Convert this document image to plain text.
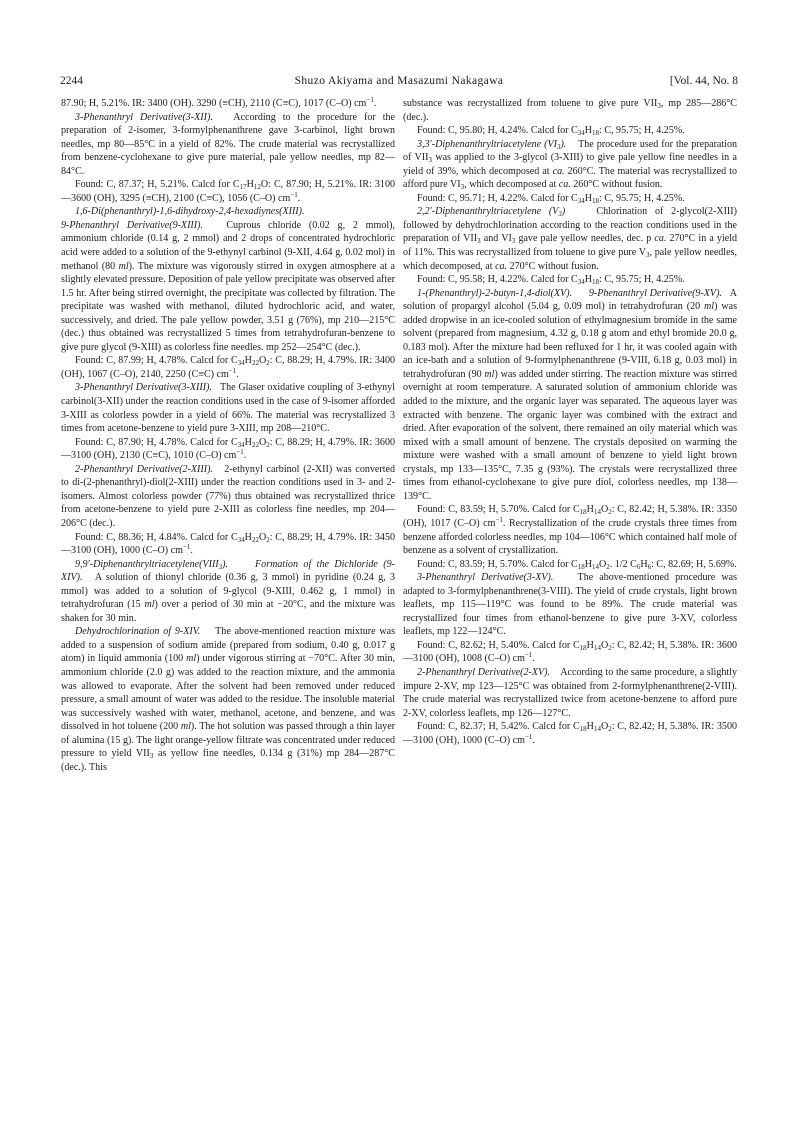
2244	Shuzo Akiyama and Masazumi Nakagawa	[Vol. 44, No. 8

87.90; H, 5.21%. IR: 3400 (OH). 3290 (≡CH), 2110 (C≡C), 1017 (C–O) $cm^{-1}$.

3-Phenanthryl Derivative(3-XII).   According to the procedure for the preparation of 2-isomer, 3-formylphenanthrene gave 3-carbinol, light brown needles, mp 80—85°C in a yield of 82%. The crude material was recrystallized from benzene-cyclohexane to give pure material, pale yellow needles, mp 82—84°C.

Found: C, 87.37; H, 5.21%. Calcd for $C_{17}H_{12}O$: C, 87.90; H, 5.21%. IR: 3100—3600 (OH), 3295 (≡CH), 2100 (C≡C), 1056 (C–O) $cm^{-1}$.

1,6-Di(phenanthryl)-1,6-dihydroxy-2,4-hexadiynes(XIII).

9-Phenanthryl Derivative(9-XIII).   Cuprous chloride (0.02 g, 2 mmol), ammonium chloride (0.14 g, 2 mmol) and 2 drops of concentrated hydrochloric acid were added to a solution of the 9-ethynyl carbinol (9-XII, 4.64 g, 0.02 mol) in methanol (80 ml). The mixture was vigorously stirred in oxygen atmosphere at a slightly elevated pressure. Deposition of pale yellow precipitate was observed after 1.5 hr. After being stirred overnight, the precipitate was collected by filtration. The precipitate was washed with methanol, diluted hydrochloric acid, and water, successively, and dried. The pale yellow powder, 3.51 g (76%), mp 210—215°C (dec.) thus obtained was recrystallized 5 times from tetrahydrofuran-benzene to give pure glycol (9-XIII) as colorless fine needles. mp 252—254°C (dec.).

Found: C, 87.99; H, 4.78%. Calcd for $C_{34}H_{22}O_2$: C, 88.29; H, 4.79%. IR: 3400 (OH), 1067 (C–O), 2140, 2250 (C≡C) $cm^{-1}$.

3-Phenanthryl Derivative(3-XIII).   The Glaser oxidative coupling of 3-ethynyl carbinol(3-XII) under the reaction conditions used in the case of 9-isomer afforded 3-XIII as colorless powder in a yield of 66%. The material was recrystallized 3 times from acetone-benzene to yield pure 3-XIII, mp 208—210°C.

Found: C, 87.90; H, 4.78%. Calcd for $C_{34}H_{22}O_2$: C, 88.29; H, 4.79%. IR: 3600—3100 (OH), 2130 (C≡C), 1010 (C–O) $cm^{-1}$.

2-Phenanthryl Derivative(2-XIII).   2-ethynyl carbinol (2-XII) was converted to di-(2-phenanthryl)-diol(2-XIII) under the reaction conditions used in 3- and 2-isomers. Almost colorless powder (77%) thus obtained was recrystallized thrice from acetone-benzene to yield pure 2-XIII as colorless fine needles, mp 204—206°C (dec.).

Found: C, 88.36; H, 4.84%. Calcd for $C_{34}H_{22}O_2$: C, 88.29; H, 4.79%. IR: 3450—3100 (OH), 1000 (C–O) $cm^{-1}$.

$9,9'-Diphenanthryltriacetylene(VIII_3)$.	Formation of the Dichloride (9-XIV).   A solution of thionyl chloride (0.36 g, 3 mmol) in pyridine (0.24 g, 3 mmol) was added to a solution of 9-glycol (9-XIII, 0.462 g, 1 mmol) in tetrahydrofuran (15 ml) over a period of 30 min at −20°C, and the mixture was shaken for 30 min.

Dehydrochlorination of 9-XIV.    The above-mentioned reaction mixture was added to a suspension of sodium amide (prepared from sodium, 0.40 g, 0.017 g atom) in liquid ammonia (100 ml) under vigorous stirring at −70°C. After 30 min, ammonium chloride (2.0 g) was added to the reaction mixture, and the ammonia was allowed to evaporate. After the solvent had been removed under reduced pressure, a small amount of water was added to the residue. The insoluble material was successively washed with water, methanol, acetone, and benzene, and was dissolved in hot toluene (200 ml). The hot solution was passed through a thin layer of alumina (15 g). The light orange-yellow filtrate was concentrated under reduced pressure to yield $VII_3$ as yellow fine needles, 0.134 g (31%) mp 284—287°C (dec.). This

substance was recrystallized from toluene to give pure $VII_3$, mp 285—286°C (dec.).

Found: C, 95.80; H, 4.24%. Calcd for $C_{34}H_{18}$: C, 95.75; H, 4.25%.

3,3′-Diphenanthryltriacetylene $(VI_3)$.    The procedure used for the preparation of $VII_3$ was applied to the 3-glycol (3-XIII) to give pale yellow fine needles in a yield of 39%, which decomposed at ca. 260°C. The material was recrystallized to afford pure $VI_3$, which decomposed at ca. 260°C without fusion.

Found: C, 95.71; H, 4.22%. Calcd for $C_{34}H_{18}$: C, 95.75; H, 4.25%.

2,2′-Diphenanthryltriacetylene $(V_3)$    Chlorination of 2-glycol(2-XIII) followed by dehydrochlorination according to the reaction conditions used in the preparation of $VII_3$ and $VI_3$ gave pale yellow needles, dec. p ca. 270°C in a yield of 11%. This was recrystallized from toluene to give pure $V_3$, pale yellow needles, which decomposed, at ca. 270°C without fusion.

Found: C, 95.58; H, 4.22%. Calcd for $C_{34}H_{18}$: C, 95.75; H, 4.25%.

1-(Phenanthryl)-2-butyn-1,4-diol(XV). 9-Phenanthryl Derivative(9-XV).   A solution of propargyl alcohol (5.04 g, 0.09 mol) in tetrahydrofuran (20 ml) was added dropwise in an ice-cooled solution of ethylmagnesium bromide in the same solvent (prepared from magnesium, 4.32 g, 0.18 g atom and ethyl bromide 20.0 g, 0.183 mol). After the mixture had been refluxed for 1 hr, it was cooled again with an ice-bath and a solution of 9-formylphenanthrene (9-VIII, 6.18 g, 0.03 mol) in tetrahydrofuran (90 ml) was added under stirring. The reaction mixture was stirred overnight at room temperature. A saturated solution of ammonium chloride was added to the mixture, and the organic layer was separated. The aqueous layer was extracted with benzene. The organic layer was combined with the extract and dried. After evaporation of the solvent, there remained an oily material which was mixed with a small amount of benzene. The crystals deposited on warming the mixture were washed with a small amount of benzene to yield light brown crystals, mp 133—135°C, 7.35 g (93%). The crystals were recrystallized three times from ethanol-cyclohexane to give pure diol, colorless needles, mp 138—139°C.

Found: C, 83.59; H, 5.70%. Calcd for $C_{18}H_{14}O_2$: C, 82.42; H, 5.38%. IR: 3350 (OH), 1017 (C–O) $cm^{-1}$. Recrystallization of the crude crystals three times from benzene afforded colorless needles, mp 104—106°C which contained half mole of benzene as a solvent of crystallization.

Found: C, 83.59; H, 5.70%. Calcd for $C_{18}H_{14}O_2$. 1/2 $C_6H_6$: C, 82.69; H, 5.69%.

3-Phenanthryl Derivative(3-XV).    The above-mentioned procedure was adapted to 3-formylphenanthrene(3-VIII). The yield of crude crystals, light brown leaflets, mp 115—119°C was found to be 89%. The crude material was recrystallized four times from ethanol-benzene to give pure 3-XV, colorless leaflets, mp 122—124°C.

Found: C, 82.62; H, 5.40%. Calcd for $C_{18}H_{14}O_2$: C, 82.42; H, 5.38%. IR: 3600—3100 (OH), 1008 (C–O) $cm^{-1}$.

2-Phenanthryl Derivative(2-XV).    According to the same procedure, a slightly impure 2-XV, mp 123—125°C was obtained from 2-formylphenanthrene(2-VIII). The crude material was recrystallized twice from acetone-benzene to afford pure 2-XV, colorless leaflets, mp 126—127°C.

Found: C, 82.37; H, 5.42%. Calcd for $C_{18}H_{14}O_2$: C, 82.42; H, 5.38%. IR: 3500—3100 (OH), 1000 (C–O) $cm^{-1}$.
